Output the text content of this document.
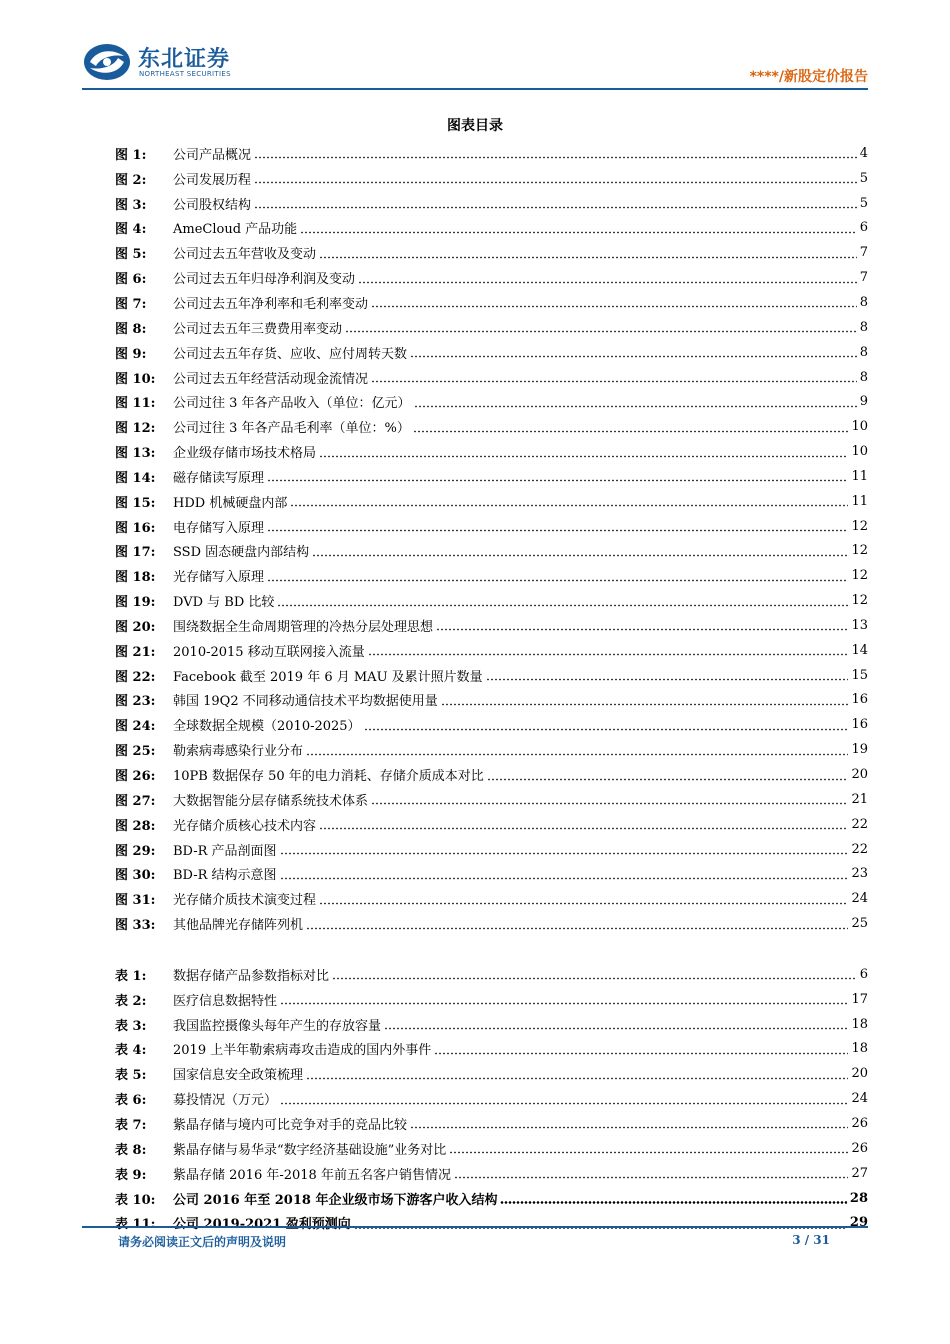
东北证券
NORTHEAST SECURITIES	****/新股定价报告
图表目录
图 1:	公司产品概况	4
图 2:	公司发展历程	5
图 3:	公司股权结构	5
图 4:	AmeCloud 产品功能	6
图 5:	公司过去五年营收及变动	7
图 6:	公司过去五年归母净利润及变动	7
图 7:	公司过去五年净利率和毛利率变动	8
图 8:	公司过去五年三费费用率变动	8
图 9:	公司过去五年存货、应收、应付周转天数	8
图 10:	公司过去五年经营活动现金流情况	8
图 11:	公司过往 3 年各产品收入（单位：亿元）	9
图 12:	公司过往 3 年各产品毛利率（单位：%）	10
图 13:	企业级存储市场技术格局	10
图 14:	磁存储读写原理	11
图 15:	HDD 机械硬盘内部	11
图 16:	电存储写入原理	12
图 17:	SSD 固态硬盘内部结构	12
图 18:	光存储写入原理	12
图 19:	DVD 与 BD 比较	12
图 20:	围绕数据全生命周期管理的冷热分层处理思想	13
图 21:	2010-2015 移动互联网接入流量	14
图 22:	Facebook 截至 2019 年 6 月 MAU 及累计照片数量	15
图 23:	韩国 19Q2 不同移动通信技术平均数据使用量	16
图 24:	全球数据全规模（2010-2025）	16
图 25:	勒索病毒感染行业分布	19
图 26:	10PB 数据保存 50 年的电力消耗、存储介质成本对比	20
图 27:	大数据智能分层存储系统技术体系	21
图 28:	光存储介质核心技术内容	22
图 29:	BD-R 产品剖面图	22
图 30:	BD-R 结构示意图	23
图 31:	光存储介质技术演变过程	24
图 33:	其他品牌光存储阵列机	25
表 1:	数据存储产品参数指标对比	6
表 2:	医疗信息数据特性	17
表 3:	我国监控摄像头每年产生的存放容量	18
表 4:	2019 上半年勒索病毒攻击造成的国内外事件	18
表 5:	国家信息安全政策梳理	20
表 6:	募投情况（万元）	24
表 7:	紫晶存储与境内可比竞争对手的竞品比较	26
表 8:	紫晶存储与易华录“数字经济基础设施”业务对比	26
表 9:	紫晶存储 2016 年-2018 年前五名客户销售情况	27
表 10:	公司 2016 年至 2018 年企业级市场下游客户收入结构	28
表 11:	公司 2019-2021 盈利预测向	29
请务必阅读正文后的声明及说明	3 / 31
